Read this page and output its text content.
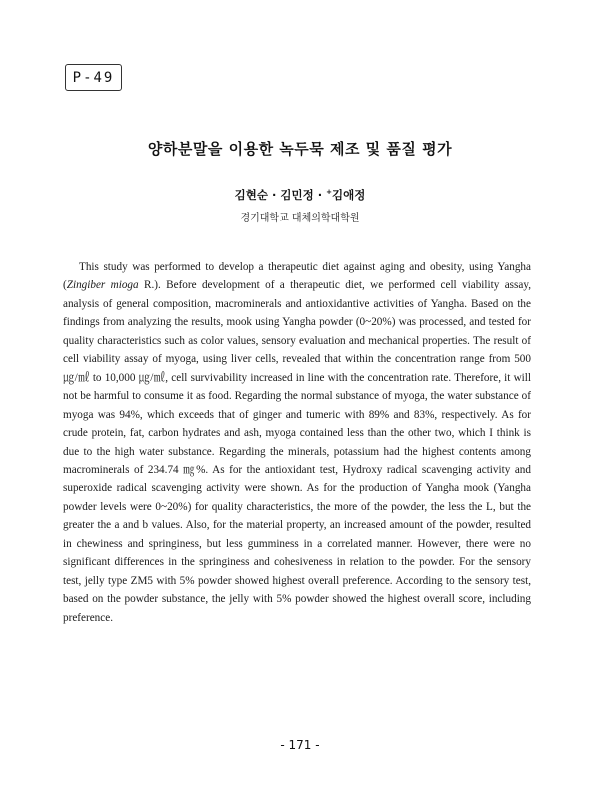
P-49
양하분말을 이용한 녹두묵 제조 및 품질 평가
김현순 · 김민정 · +김애정
경기대학교 대체의학대학원

This study was performed to develop a therapeutic diet against aging and obesity, using Yangha (Zingiber mioga R.). Before development of a therapeutic diet, we performed cell viability assay, analysis of general composition, macrominerals and antioxidantive activities of Yangha. Based on the findings from analyzing the results, mook using Yangha powder (0~20%) was processed, and tested for quality characteristics such as color values, sensory evaluation and mechanical properties. The result of cell viability assay of myoga, using liver cells, revealed that within the concentration range from 500 ㎍/㎖ to 10,000 ㎍/㎖, cell survivability increased in line with the concentration rate. Therefore, it will not be harmful to consume it as food. Regarding the normal substance of myoga, the water substance of myoga was 94%, which exceeds that of ginger and tumeric with 89% and 83%, respectively. As for crude protein, fat, carbon hydrates and ash, myoga contained less than the other two, which I think is due to the high water substance. Regarding the minerals, potassium had the highest contents among macrominerals of 234.74 ㎎%. As for the antioxidant test, Hydroxy radical scavenging activity and superoxide radical scavenging activity were shown. As for the production of Yangha mook (Yangha powder levels were 0~20%) for quality characteristics, the more of the powder, the less the L, but the greater the a and b values. Also, for the material property, an increased amount of the powder, resulted in chewiness and springiness, but less gumminess in a correlated manner. However, there were no significant differences in the springiness and cohesiveness in relation to the powder. For the sensory test, jelly type ZM5 with 5% powder showed highest overall preference. According to the sensory test, based on the powder substance, the jelly with 5% powder showed the highest overall score, including preference.

- 171 -
